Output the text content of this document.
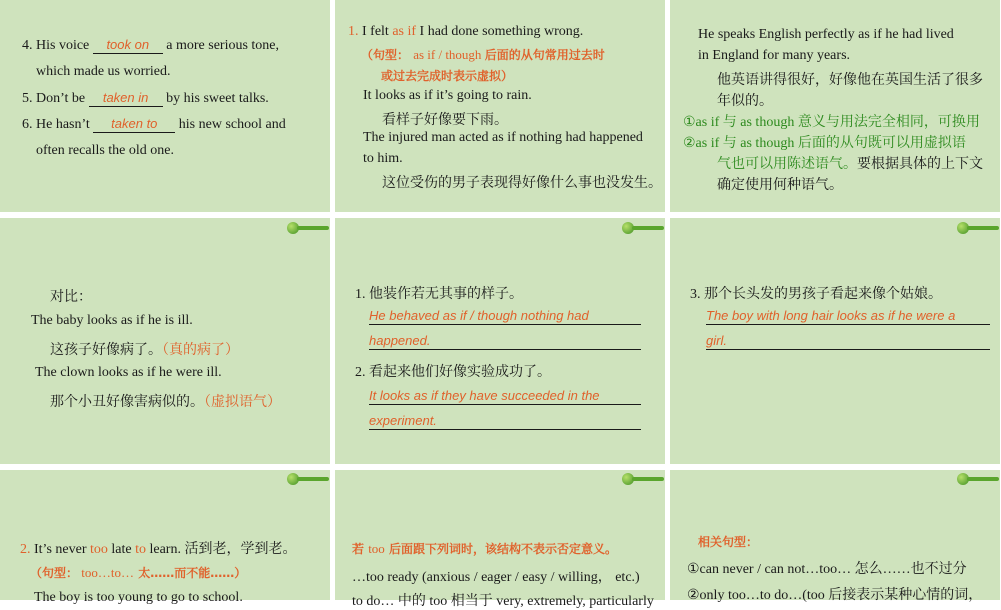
4. His voice took on a more serious tone,
which made us worried.
5. Don’t be taken in by his sweet talks.
6. He hasn’t taken to his new school and
often recalls the old one.
1. I felt as if I had done something wrong.
（句型： as if / though 后面的从句常用过去时
或过去完成时表示虚拟）
It looks as if it’s going to rain.
看样子好像要下雨。
The injured man acted as if nothing had happened
to him.
这位受伤的男子表现得好像什么事也没发生。
He speaks English perfectly as if he had lived
in England for many years.
他英语讲得很好，好像他在英国生活了很多
年似的。
①as if 与 as though 意义与用法完全相同，可换用
②as if 与 as though 后面的从句既可以用虚拟语
气也可以用陈述语气。要根据具体的上下文
确定使用何种语气。
对比：
The baby looks as if he is ill.
这孩子好像病了。（真的病了）
The clown looks as if he were ill.
那个小丑好像害病似的。（虚拟语气）
1. 他装作若无其事的样子。
He behaved as if / though nothing had
happened.
2. 看起来他们好像实验成功了。
It looks as if they have succeeded in the
experiment.
3. 那个长头发的男孩子看起来像个姑娘。
The boy with long hair looks as if he were a
girl.
2. It’s never too late to learn. 活到老，学到老。
（句型： too…to… 太……而不能……）
The boy is too young to go to school.
若 too 后面跟下列词时，该结构不表示否定意义。
…too ready (anxious / eager / easy / willing， etc.)
to do… 中的 too 相当于 very, extremely, particularly
相关句型：
①can never / can not…too… 怎么……也不过分
②only too…to do…(too 后接表示某种心情的词，
